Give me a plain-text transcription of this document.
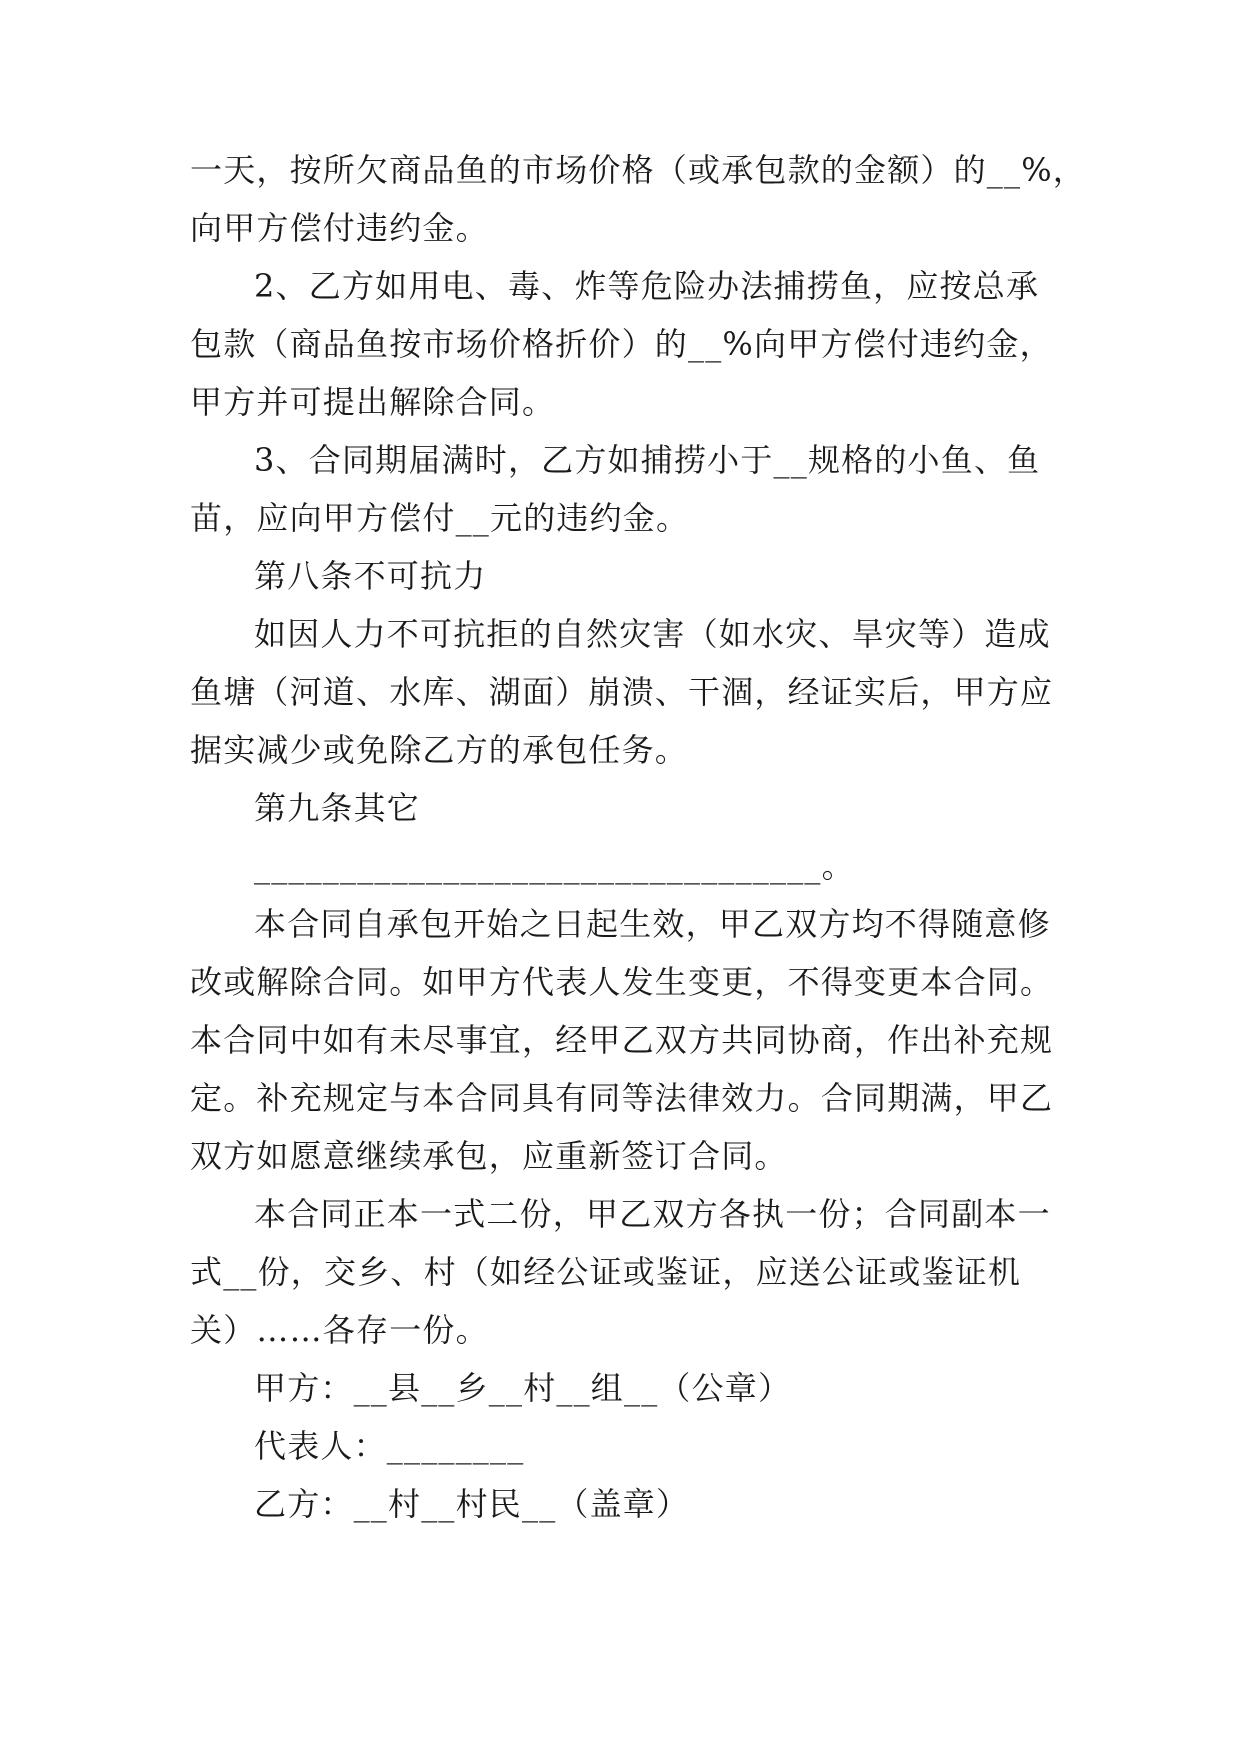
一天，按所欠商品鱼的市场价格（或承包款的金额）的__%，
向甲方偿付违约金。
2、乙方如用电、毒、炸等危险办法捕捞鱼，应按总承
包款（商品鱼按市场价格折价）的__%向甲方偿付违约金，
甲方并可提出解除合同。
3、合同期届满时，乙方如捕捞小于__规格的小鱼、鱼
苗，应向甲方偿付__元的违约金。
第八条不可抗力
如因人力不可抗拒的自然灾害（如水灾、旱灾等）造成
鱼塘（河道、水库、湖面）崩溃、干涸，经证实后，甲方应
据实减少或免除乙方的承包任务。
第九条其它
_________________________________。
本合同自承包开始之日起生效，甲乙双方均不得随意修
改或解除合同。如甲方代表人发生变更，不得变更本合同。
本合同中如有未尽事宜，经甲乙双方共同协商，作出补充规
定。补充规定与本合同具有同等法律效力。合同期满，甲乙
双方如愿意继续承包，应重新签订合同。
本合同正本一式二份，甲乙双方各执一份；合同副本一
式__份，交乡、村（如经公证或鉴证，应送公证或鉴证机
关）……各存一份。
甲方：__县__乡__村__组__（公章）
代表人：________
乙方：__村__村民__（盖章）
